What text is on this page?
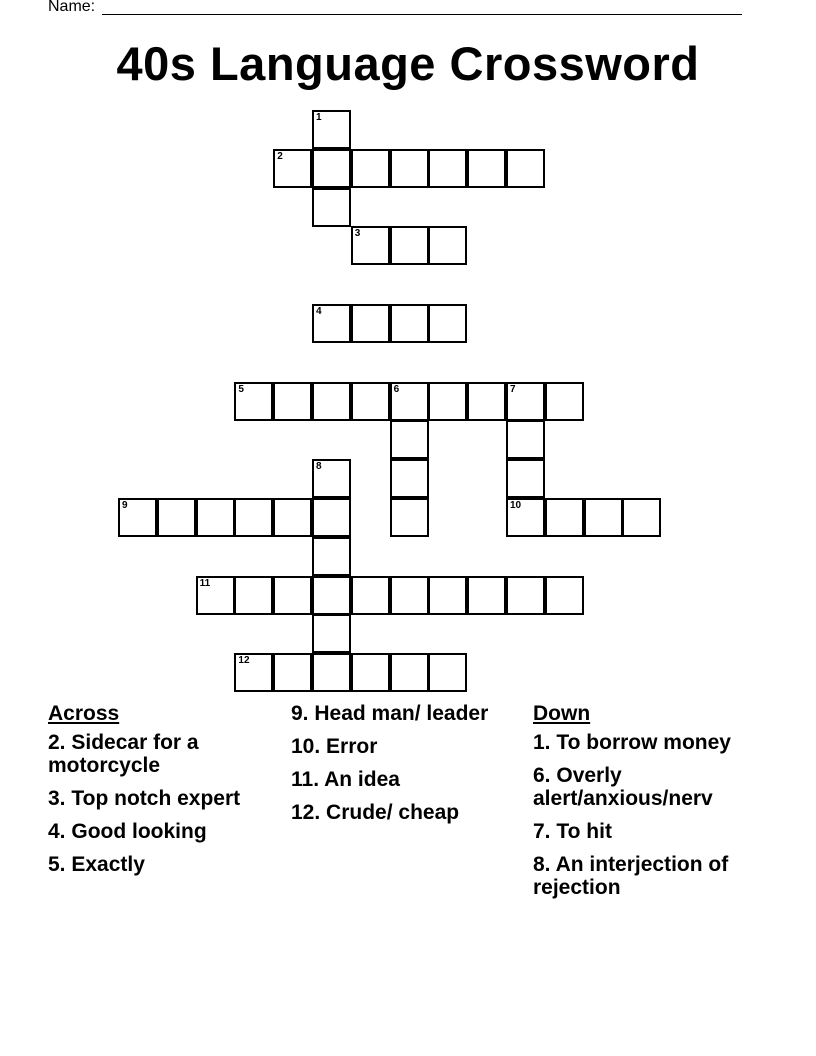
Name:
40s Language Crossword
1
2
3
4
5	6	7
8
9	10
11
12
Across
2. Sidecar for a motorcycle
3. Top notch expert
4. Good looking
5. Exactly
9. Head man/ leader
10. Error
11. An idea
12. Crude/ cheap
Down
1. To borrow money
6. Overly alert/anxious/nerv
7. To hit
8. An interjection of rejection
